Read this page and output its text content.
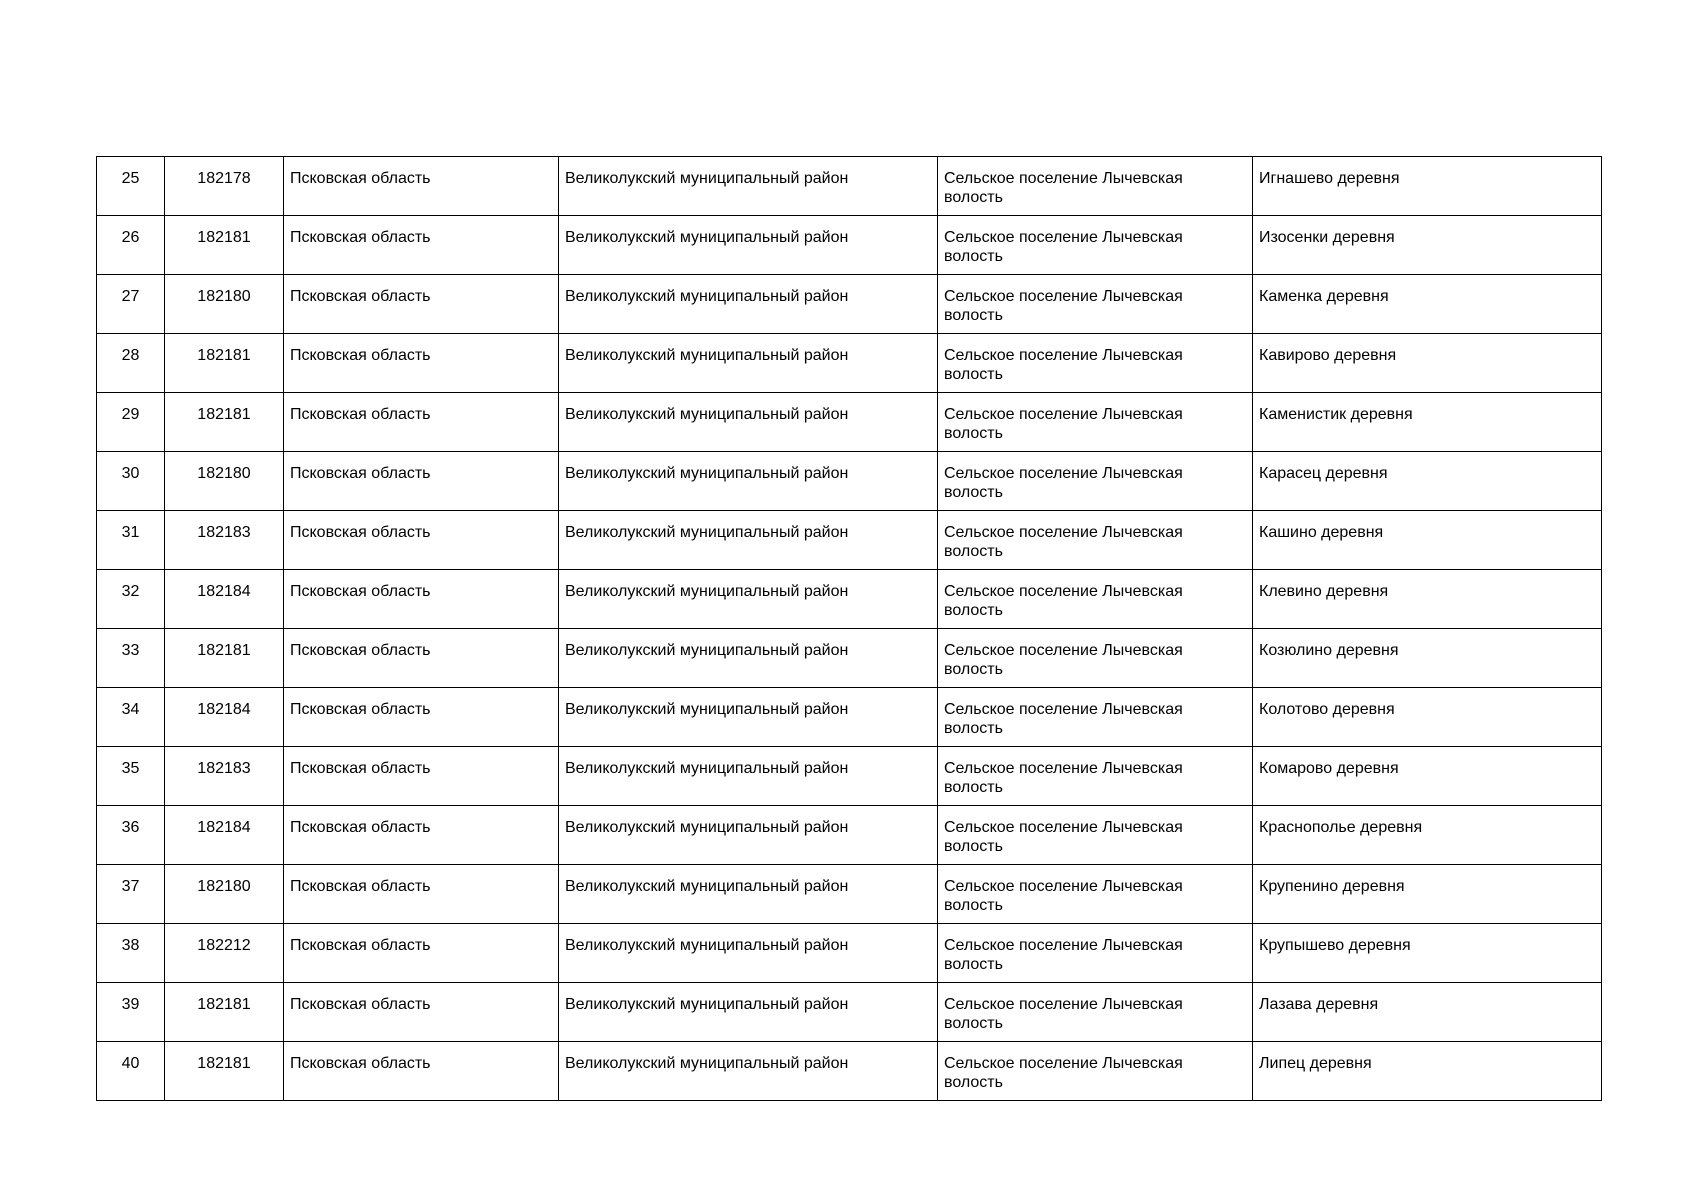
25	182178	Псковская область	Великолукский муниципальный район	Сельское поселение Лычевская волость	Игнашево деревня
26	182181	Псковская область	Великолукский муниципальный район	Сельское поселение Лычевская волость	Изосенки деревня
27	182180	Псковская область	Великолукский муниципальный район	Сельское поселение Лычевская волость	Каменка деревня
28	182181	Псковская область	Великолукский муниципальный район	Сельское поселение Лычевская волость	Кавирово деревня
29	182181	Псковская область	Великолукский муниципальный район	Сельское поселение Лычевская волость	Каменистик деревня
30	182180	Псковская область	Великолукский муниципальный район	Сельское поселение Лычевская волость	Карасец деревня
31	182183	Псковская область	Великолукский муниципальный район	Сельское поселение Лычевская волость	Кашино деревня
32	182184	Псковская область	Великолукский муниципальный район	Сельское поселение Лычевская волость	Клевино деревня
33	182181	Псковская область	Великолукский муниципальный район	Сельское поселение Лычевская волость	Козюлино деревня
34	182184	Псковская область	Великолукский муниципальный район	Сельское поселение Лычевская волость	Колотово деревня
35	182183	Псковская область	Великолукский муниципальный район	Сельское поселение Лычевская волость	Комарово деревня
36	182184	Псковская область	Великолукский муниципальный район	Сельское поселение Лычевская волость	Краснополье деревня
37	182180	Псковская область	Великолукский муниципальный район	Сельское поселение Лычевская волость	Крупенино деревня
38	182212	Псковская область	Великолукский муниципальный район	Сельское поселение Лычевская волость	Крупышево деревня
39	182181	Псковская область	Великолукский муниципальный район	Сельское поселение Лычевская волость	Лазава деревня
40	182181	Псковская область	Великолукский муниципальный район	Сельское поселение Лычевская волость	Липец деревня
